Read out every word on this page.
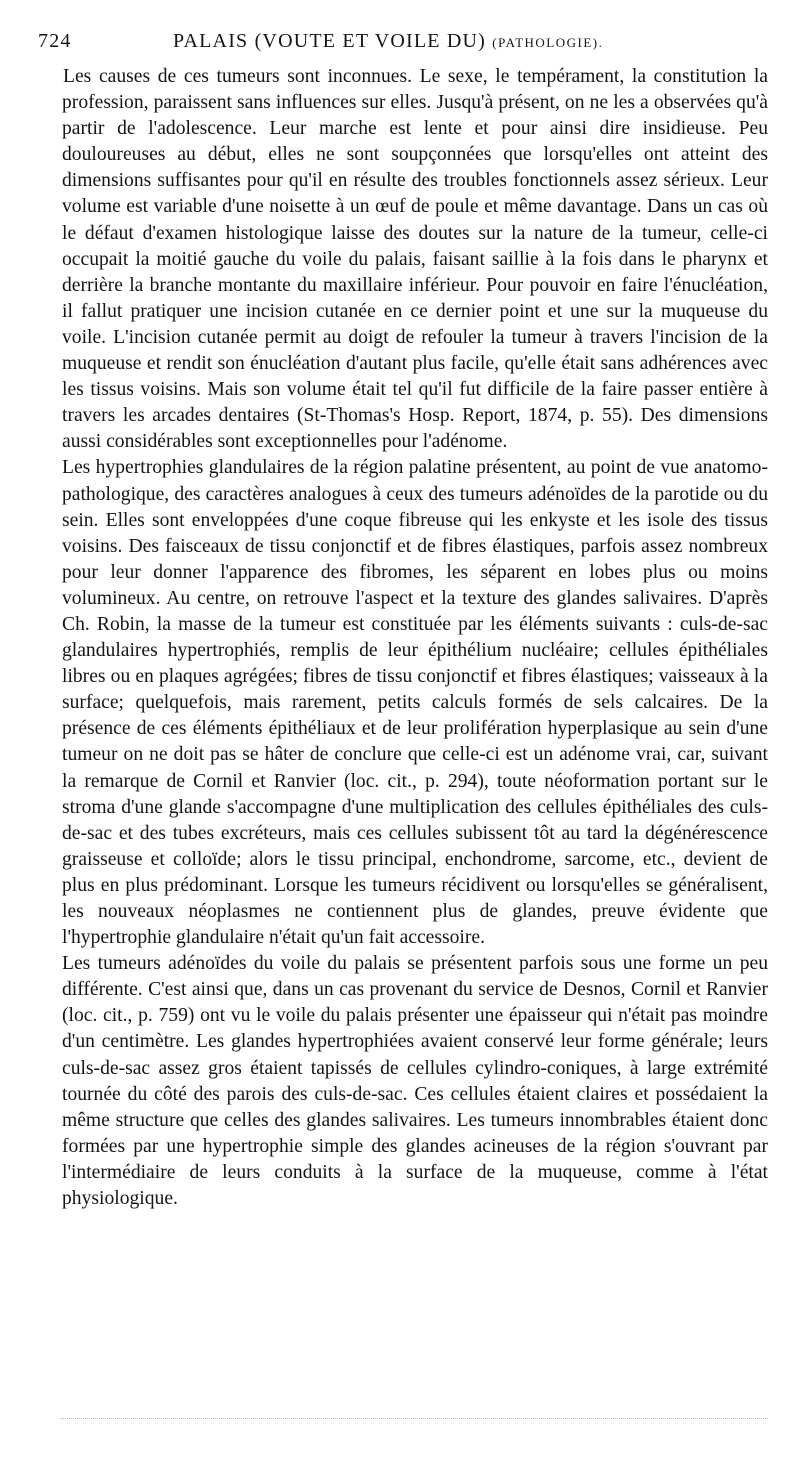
724	PALAIS (VOUTE ET VOILE DU) (PATHOLOGIE).

Les causes de ces tumeurs sont inconnues. Le sexe, le tempérament, la constitution la profession, paraissent sans influences sur elles. Jusqu'à présent, on ne les a observées qu'à partir de l'adolescence. Leur marche est lente et pour ainsi dire insidieuse. Peu douloureuses au début, elles ne sont soupçonnées que lorsqu'elles ont atteint des dimensions suffisantes pour qu'il en résulte des troubles fonctionnels assez sérieux. Leur volume est variable d'une noisette à un œuf de poule et même davantage. Dans un cas où le défaut d'examen histologique laisse des doutes sur la nature de la tumeur, celle-ci occupait la moitié gauche du voile du palais, faisant saillie à la fois dans le pharynx et derrière la branche montante du maxillaire inférieur. Pour pouvoir en faire l'énucléation, il fallut pratiquer une incision cutanée en ce dernier point et une sur la muqueuse du voile. L'incision cutanée permit au doigt de refouler la tumeur à travers l'incision de la muqueuse et rendit son énucléation d'autant plus facile, qu'elle était sans adhérences avec les tissus voisins. Mais son volume était tel qu'il fut difficile de la faire passer entière à travers les arcades dentaires (St-Thomas's Hosp. Report, 1874, p. 55). Des dimensions aussi considérables sont exceptionnelles pour l'adénome.

Les hypertrophies glandulaires de la région palatine présentent, au point de vue anatomo-pathologique, des caractères analogues à ceux des tumeurs adénoïdes de la parotide ou du sein. Elles sont enveloppées d'une coque fibreuse qui les enkyste et les isole des tissus voisins. Des faisceaux de tissu conjonctif et de fibres élastiques, parfois assez nombreux pour leur donner l'apparence des fibromes, les séparent en lobes plus ou moins volumineux. Au centre, on retrouve l'aspect et la texture des glandes salivaires. D'après Ch. Robin, la masse de la tumeur est constituée par les éléments suivants : culs-de-sac glandulaires hypertrophiés, remplis de leur épithélium nucléaire; cellules épithéliales libres ou en plaques agrégées; fibres de tissu conjonctif et fibres élastiques; vaisseaux à la surface; quelquefois, mais rarement, petits calculs formés de sels calcaires. De la présence de ces éléments épithéliaux et de leur prolifération hyperplasique au sein d'une tumeur on ne doit pas se hâter de conclure que celle-ci est un adénome vrai, car, suivant la remarque de Cornil et Ranvier (loc. cit., p. 294), toute néoformation portant sur le stroma d'une glande s'accompagne d'une multiplication des cellules épithéliales des culs-de-sac et des tubes excréteurs, mais ces cellules subissent tôt au tard la dégénérescence graisseuse et colloïde; alors le tissu principal, enchondrome, sarcome, etc., devient de plus en plus prédominant. Lorsque les tumeurs récidivent ou lorsqu'elles se généralisent, les nouveaux néoplasmes ne contiennent plus de glandes, preuve évidente que l'hypertrophie glandulaire n'était qu'un fait accessoire.

Les tumeurs adénoïdes du voile du palais se présentent parfois sous une forme un peu différente. C'est ainsi que, dans un cas provenant du service de Desnos, Cornil et Ranvier (loc. cit., p. 759) ont vu le voile du palais présenter une épaisseur qui n'était pas moindre d'un centimètre. Les glandes hypertrophiées avaient conservé leur forme générale; leurs culs-de-sac assez gros étaient tapissés de cellules cylindro-coniques, à large extrémité tournée du côté des parois des culs-de-sac. Ces cellules étaient claires et possédaient la même structure que celles des glandes salivaires. Les tumeurs innombrables étaient donc formées par une hypertrophie simple des glandes acineuses de la région s'ouvrant par l'intermédiaire de leurs conduits à la surface de la muqueuse, comme à l'état physiologique.
